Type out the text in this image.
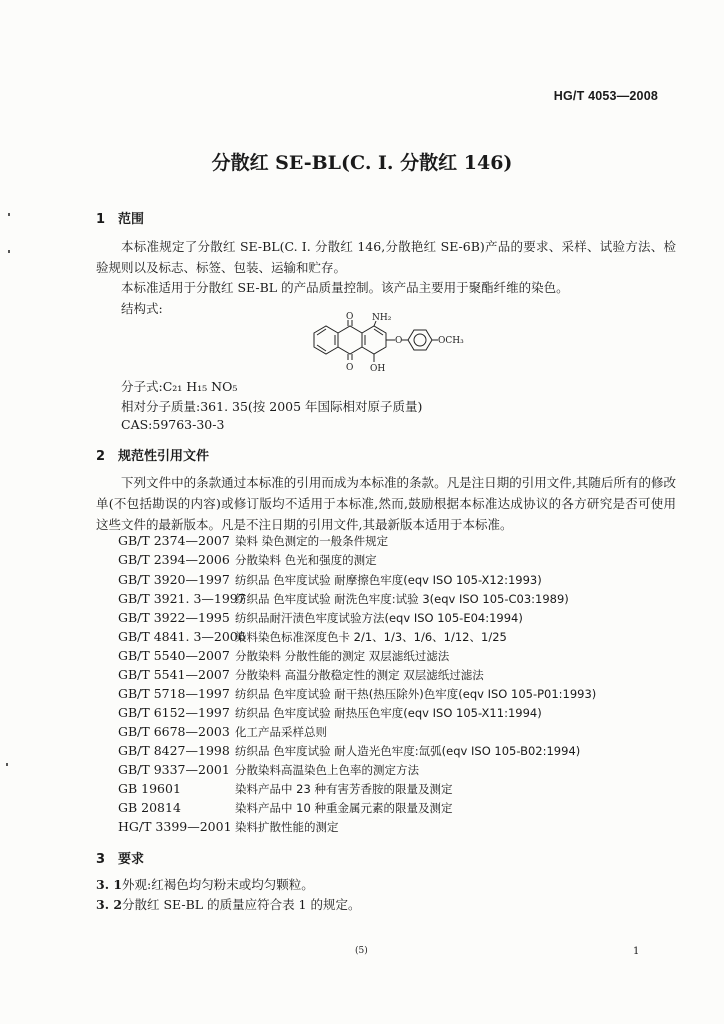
HG/T 4053—2008
分散红 SE-BL(C. I. 分散红 146)
1 范围
本标准规定了分散红 SE-BL(C. I. 分散红 146,分散艳红 SE-6B)产品的要求、采样、试验方法、检验规则以及标志、标签、包装、运输和贮存。
本标准适用于分散红 SE-BL 的产品质量控制。该产品主要用于聚酯纤维的染色。
结构式:
O NH₂
O	OCH₃
O OH
分子式:C₂₁ H₁₅ NO₅
相对分子质量:361. 35(按 2005 年国际相对原子质量)
CAS:59763-30-3
2 规范性引用文件
下列文件中的条款通过本标准的引用而成为本标准的条款。凡是注日期的引用文件,其随后所有的修改单(不包括勘误的内容)或修订版均不适用于本标准,然而,鼓励根据本标准达成协议的各方研究是否可使用这些文件的最新版本。凡是不注日期的引用文件,其最新版本适用于本标准。
GB/T 2374—2007 染料 染色测定的一般条件规定
GB/T 2394—2006 分散染料 色光和强度的测定
GB/T 3920—1997 纺织品 色牢度试验 耐摩擦色牢度(eqv ISO 105-X12:1993)
GB/T 3921. 3—1997纺织品 色牢度试验 耐洗色牢度:试验 3(eqv ISO 105-C03:1989)
GB/T 3922—1995 纺织品耐汗渍色牢度试验方法(eqv ISO 105-E04:1994)
GB/T 4841. 3—2006染料染色标准深度色卡 2/1、1/3、1/6、1/12、1/25
GB/T 5540—2007 分散染料 分散性能的测定 双层滤纸过滤法
GB/T 5541—2007 分散染料 高温分散稳定性的测定 双层滤纸过滤法
GB/T 5718—1997 纺织品 色牢度试验 耐干热(热压除外)色牢度(eqv ISO 105-P01:1993)
GB/T 6152—1997 纺织品 色牢度试验 耐热压色牢度(eqv ISO 105-X11:1994)
GB/T 6678—2003 化工产品采样总则
GB/T 8427—1998 纺织品 色牢度试验 耐人造光色牢度:氙弧(eqv ISO 105-B02:1994)
GB/T 9337—2001 分散染料高温染色上色率的测定方法
GB 19601	染料产品中 23 种有害芳香胺的限量及测定
GB 20814	染料产品中 10 种重金属元素的限量及测定
HG/T 3399—2001 染料扩散性能的测定
3 要求
3. 1外观:红褐色均匀粉末或均匀颗粒。
3. 2分散红 SE-BL 的质量应符合表 1 的规定。
(5)	1
